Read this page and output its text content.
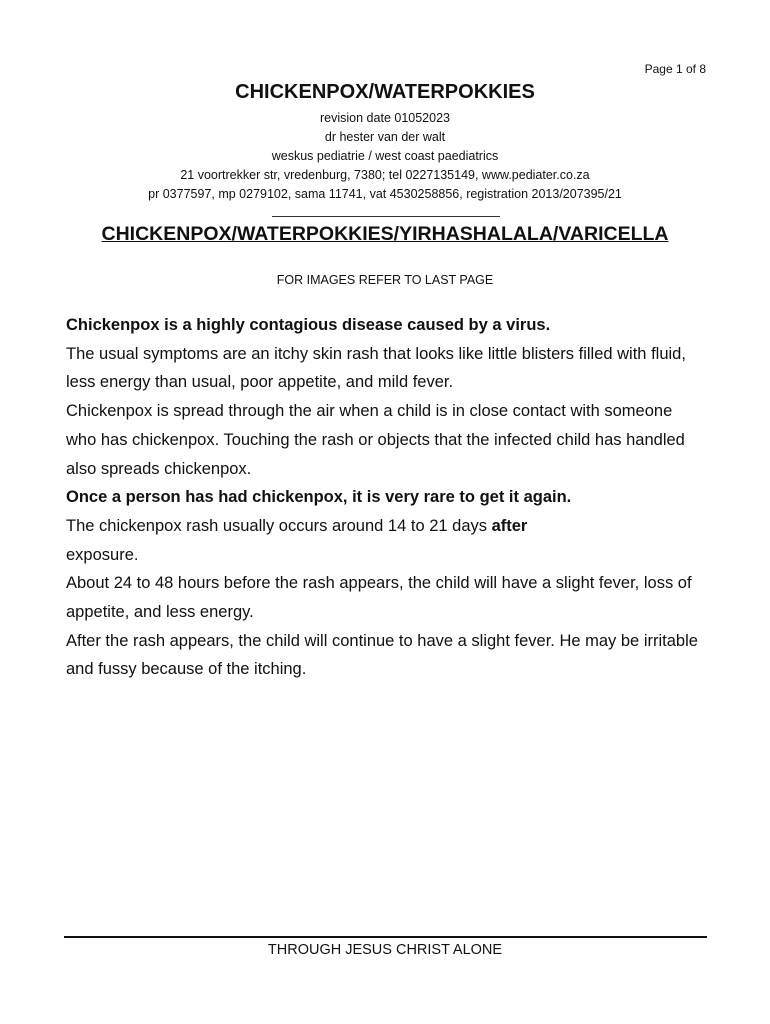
Page 1 of 8
CHICKENPOX/WATERPOKKIES
revision date 01052023
dr hester van der walt
weskus pediatrie / west coast paediatrics
21 voortrekker str, vredenburg, 7380; tel 0227135149, www.pediater.co.za
pr 0377597, mp 0279102, sama 11741, vat 4530258856, registration 2013/207395/21
CHICKENPOX/WATERPOKKIES/YIRHASHALALA/VARICELLA
FOR IMAGES REFER TO LAST PAGE

Chickenpox is a highly contagious disease caused by a virus.

The usual symptoms are an itchy skin rash that looks like little blisters filled with fluid, less energy than usual, poor appetite, and mild fever.

Chickenpox is spread through the air when a child is in close contact with someone who has chickenpox. Touching the rash or objects that the infected child has handled also spreads chickenpox.

Once a person has had chickenpox, it is very rare to get it again.

The chickenpox rash usually occurs around 14 to 21 days after
exposure.

About 24 to 48 hours before the rash appears, the child will have a slight fever, loss of appetite, and less energy.

After the rash appears, the child will continue to have a slight fever. He may be irritable and fussy because of the itching.

THROUGH JESUS CHRIST ALONE
